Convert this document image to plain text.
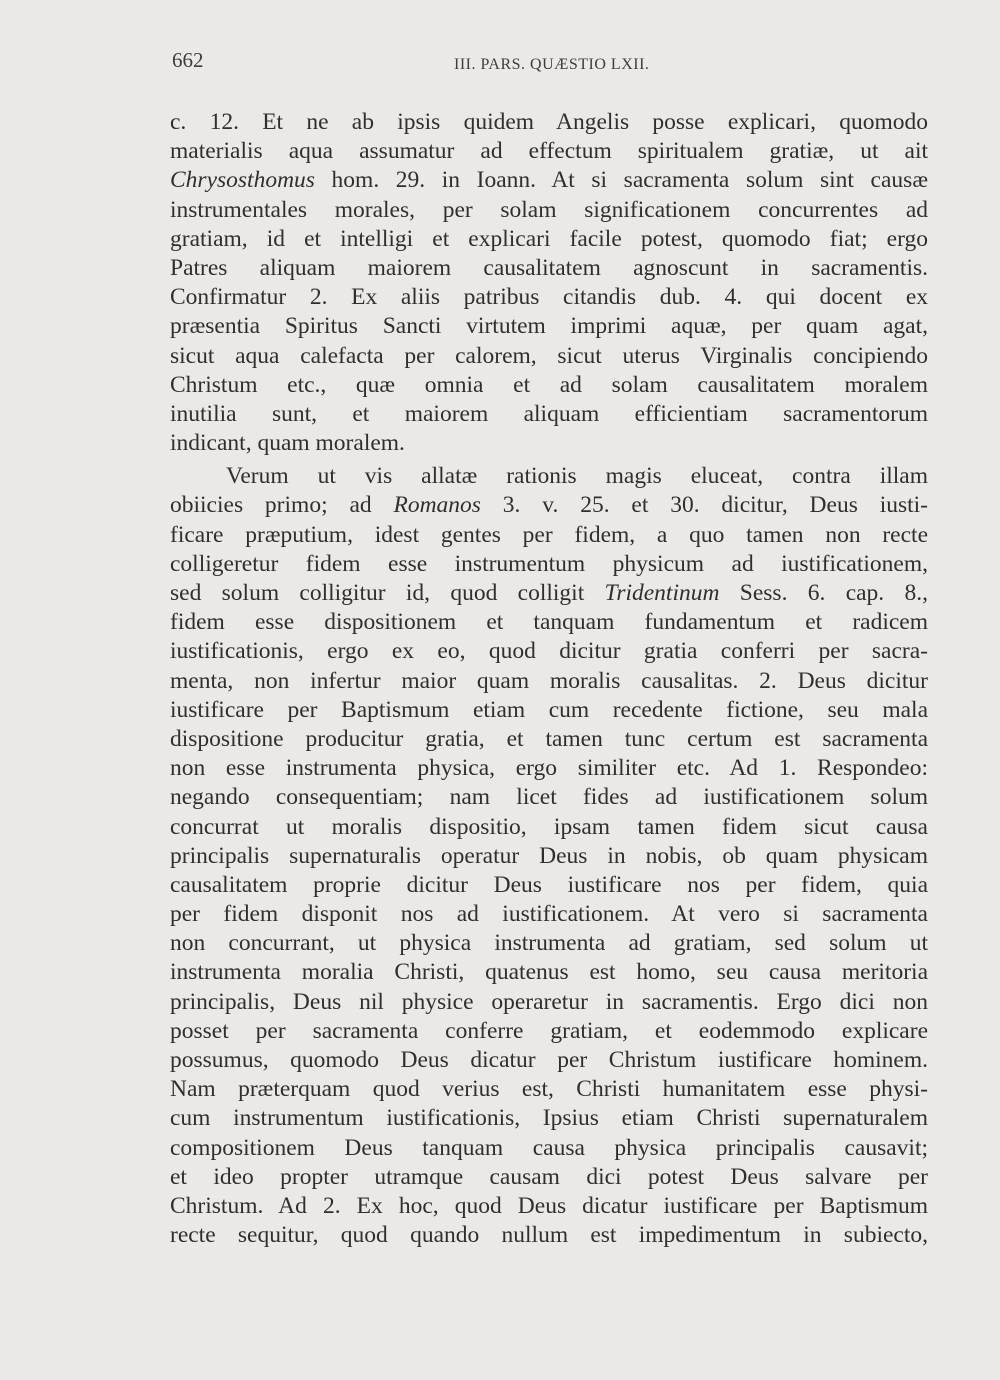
662	III. PARS. QUÆSTIO LXII.
c. 12. Et ne ab ipsis quidem Angelis posse explicari, quomodo
materialis aqua assumatur ad effectum spiritualem gratiæ, ut ait
Chrysosthomus hom. 29. in Ioann. At si sacramenta solum sint causæ
instrumentales morales, per solam significationem concurrentes ad
gratiam, id et intelligi et explicari facile potest, quomodo fiat; ergo
Patres aliquam maiorem causalitatem agnoscunt in sacramentis.
Confirmatur 2. Ex aliis patribus citandis dub. 4. qui docent ex
præsentia Spiritus Sancti virtutem imprimi aquæ, per quam agat,
sicut aqua calefacta per calorem, sicut uterus Virginalis concipiendo
Christum etc., quæ omnia et ad solam causalitatem moralem
inutilia sunt, et maiorem aliquam efficientiam sacramentorum
indicant, quam moralem.
Verum ut vis allatæ rationis magis eluceat, contra illam
obiicies primo; ad Romanos 3. v. 25. et 30. dicitur, Deus iusti-
ficare præputium, idest gentes per fidem, a quo tamen non recte
colligeretur fidem esse instrumentum physicum ad iustificationem,
sed solum colligitur id, quod colligit Tridentinum Sess. 6. cap. 8.,
fidem esse dispositionem et tanquam fundamentum et radicem
iustificationis, ergo ex eo, quod dicitur gratia conferri per sacra-
menta, non infertur maior quam moralis causalitas. 2. Deus dicitur
iustificare per Baptismum etiam cum recedente fictione, seu mala
dispositione producitur gratia, et tamen tunc certum est sacramenta
non esse instrumenta physica, ergo similiter etc. Ad 1. Respondeo:
negando consequentiam; nam licet fides ad iustificationem solum
concurrat ut moralis dispositio, ipsam tamen fidem sicut causa
principalis supernaturalis operatur Deus in nobis, ob quam physicam
causalitatem proprie dicitur Deus iustificare nos per fidem, quia
per fidem disponit nos ad iustificationem. At vero si sacramenta
non concurrant, ut physica instrumenta ad gratiam, sed solum ut
instrumenta moralia Christi, quatenus est homo, seu causa meritoria
principalis, Deus nil physice operaretur in sacramentis. Ergo dici non
posset per sacramenta conferre gratiam, et eodemmodo explicare
possumus, quomodo Deus dicatur per Christum iustificare hominem.
Nam præterquam quod verius est, Christi humanitatem esse physi-
cum instrumentum iustificationis, Ipsius etiam Christi supernaturalem
compositionem Deus tanquam causa physica principalis causavit;
et ideo propter utramque causam dici potest Deus salvare per
Christum. Ad 2. Ex hoc, quod Deus dicatur iustificare per Baptismum
recte sequitur, quod quando nullum est impedimentum in subiecto,
